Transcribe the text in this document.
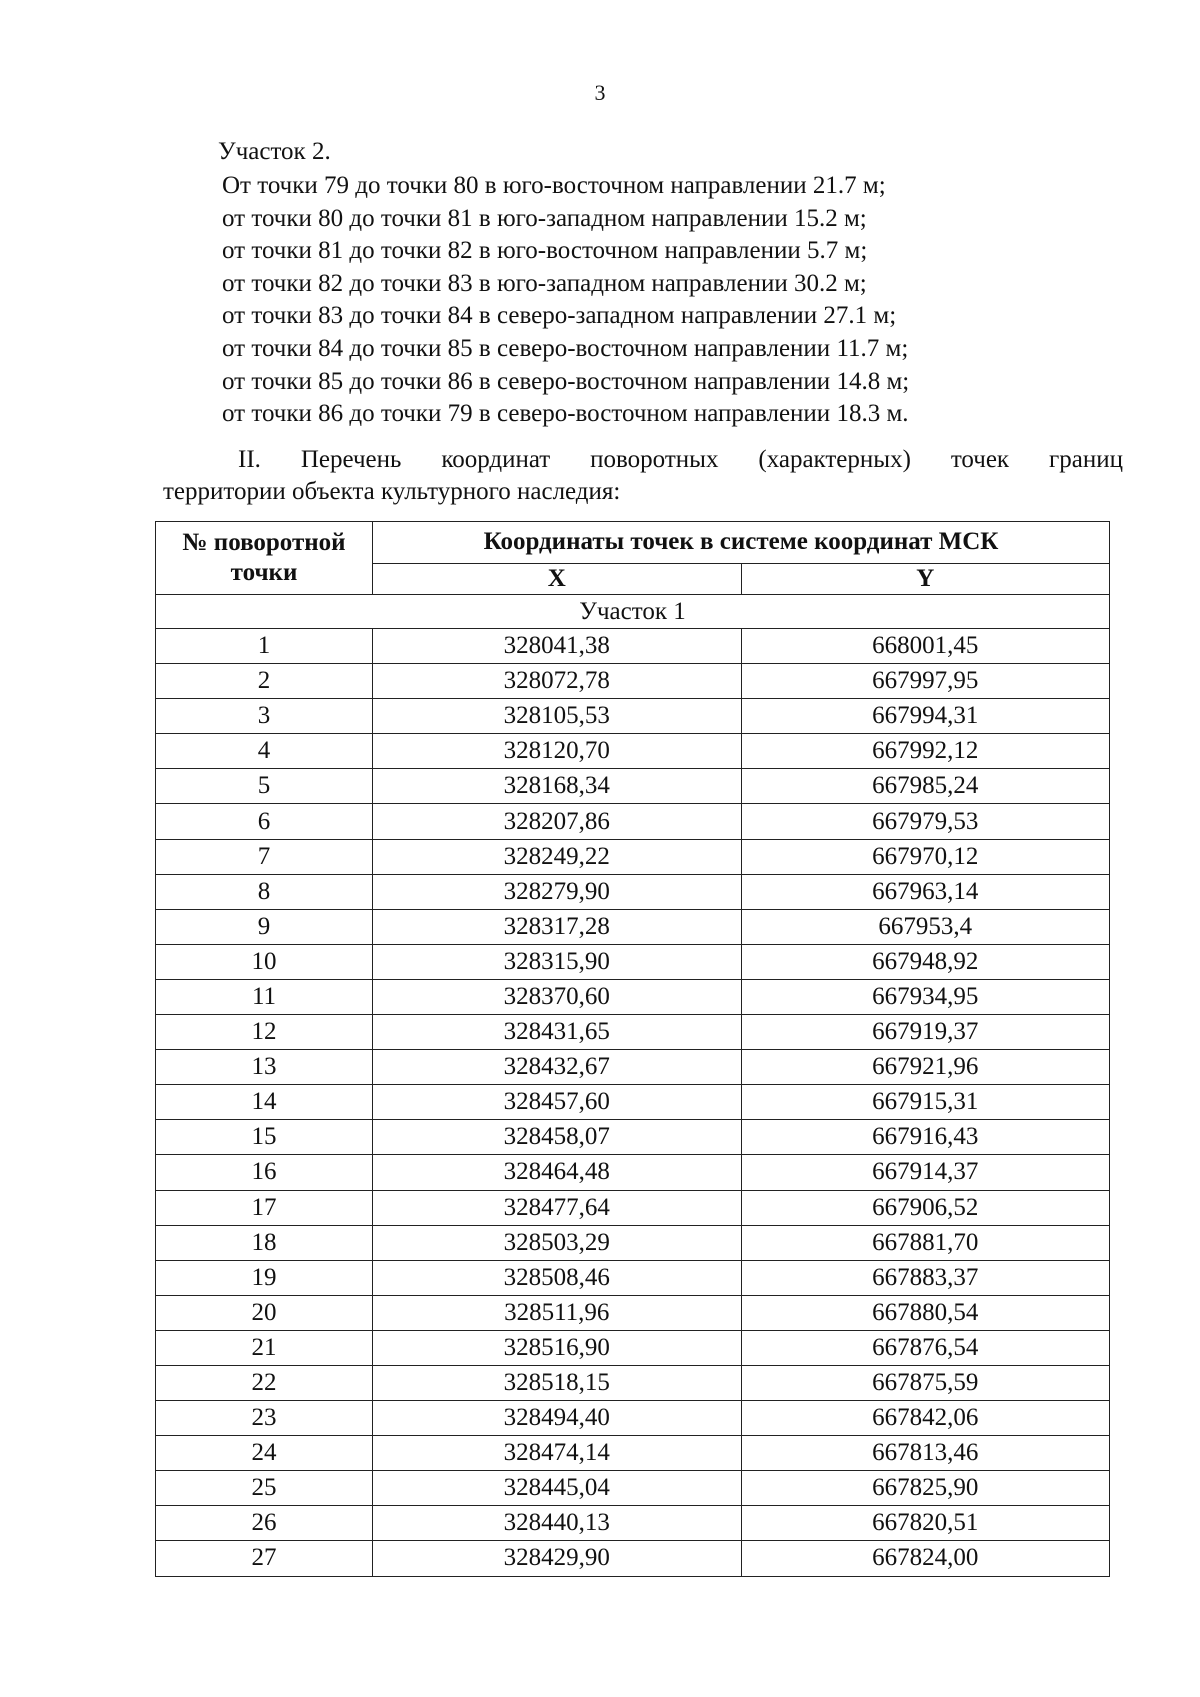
3
Участок 2.
От точки 79 до точки 80 в юго-восточном направлении 21.7 м;
от точки 80 до точки 81 в юго-западном направлении 15.2 м;
от точки 81 до точки 82 в юго-восточном направлении 5.7 м;
от точки 82 до точки 83 в юго-западном направлении 30.2 м;
от точки 83 до точки 84 в северо-западном направлении 27.1 м;
от точки 84 до точки 85 в северо-восточном направлении 11.7 м;
от точки 85 до точки 86 в северо-восточном направлении 14.8 м;
от точки 86 до точки 79 в северо-восточном направлении 18.3 м.
II. Перечень координат поворотных (характерных) точек границ
территории объекта культурного наследия:
№ поворотной точки	Координаты точек в системе координат МСК	
	X	Y
Участок 1		
1	328041,38	668001,45
2	328072,78	667997,95
3	328105,53	667994,31
4	328120,70	667992,12
5	328168,34	667985,24
6	328207,86	667979,53
7	328249,22	667970,12
8	328279,90	667963,14
9	328317,28	667953,4
10	328315,90	667948,92
11	328370,60	667934,95
12	328431,65	667919,37
13	328432,67	667921,96
14	328457,60	667915,31
15	328458,07	667916,43
16	328464,48	667914,37
17	328477,64	667906,52
18	328503,29	667881,70
19	328508,46	667883,37
20	328511,96	667880,54
21	328516,90	667876,54
22	328518,15	667875,59
23	328494,40	667842,06
24	328474,14	667813,46
25	328445,04	667825,90
26	328440,13	667820,51
27	328429,90	667824,00
